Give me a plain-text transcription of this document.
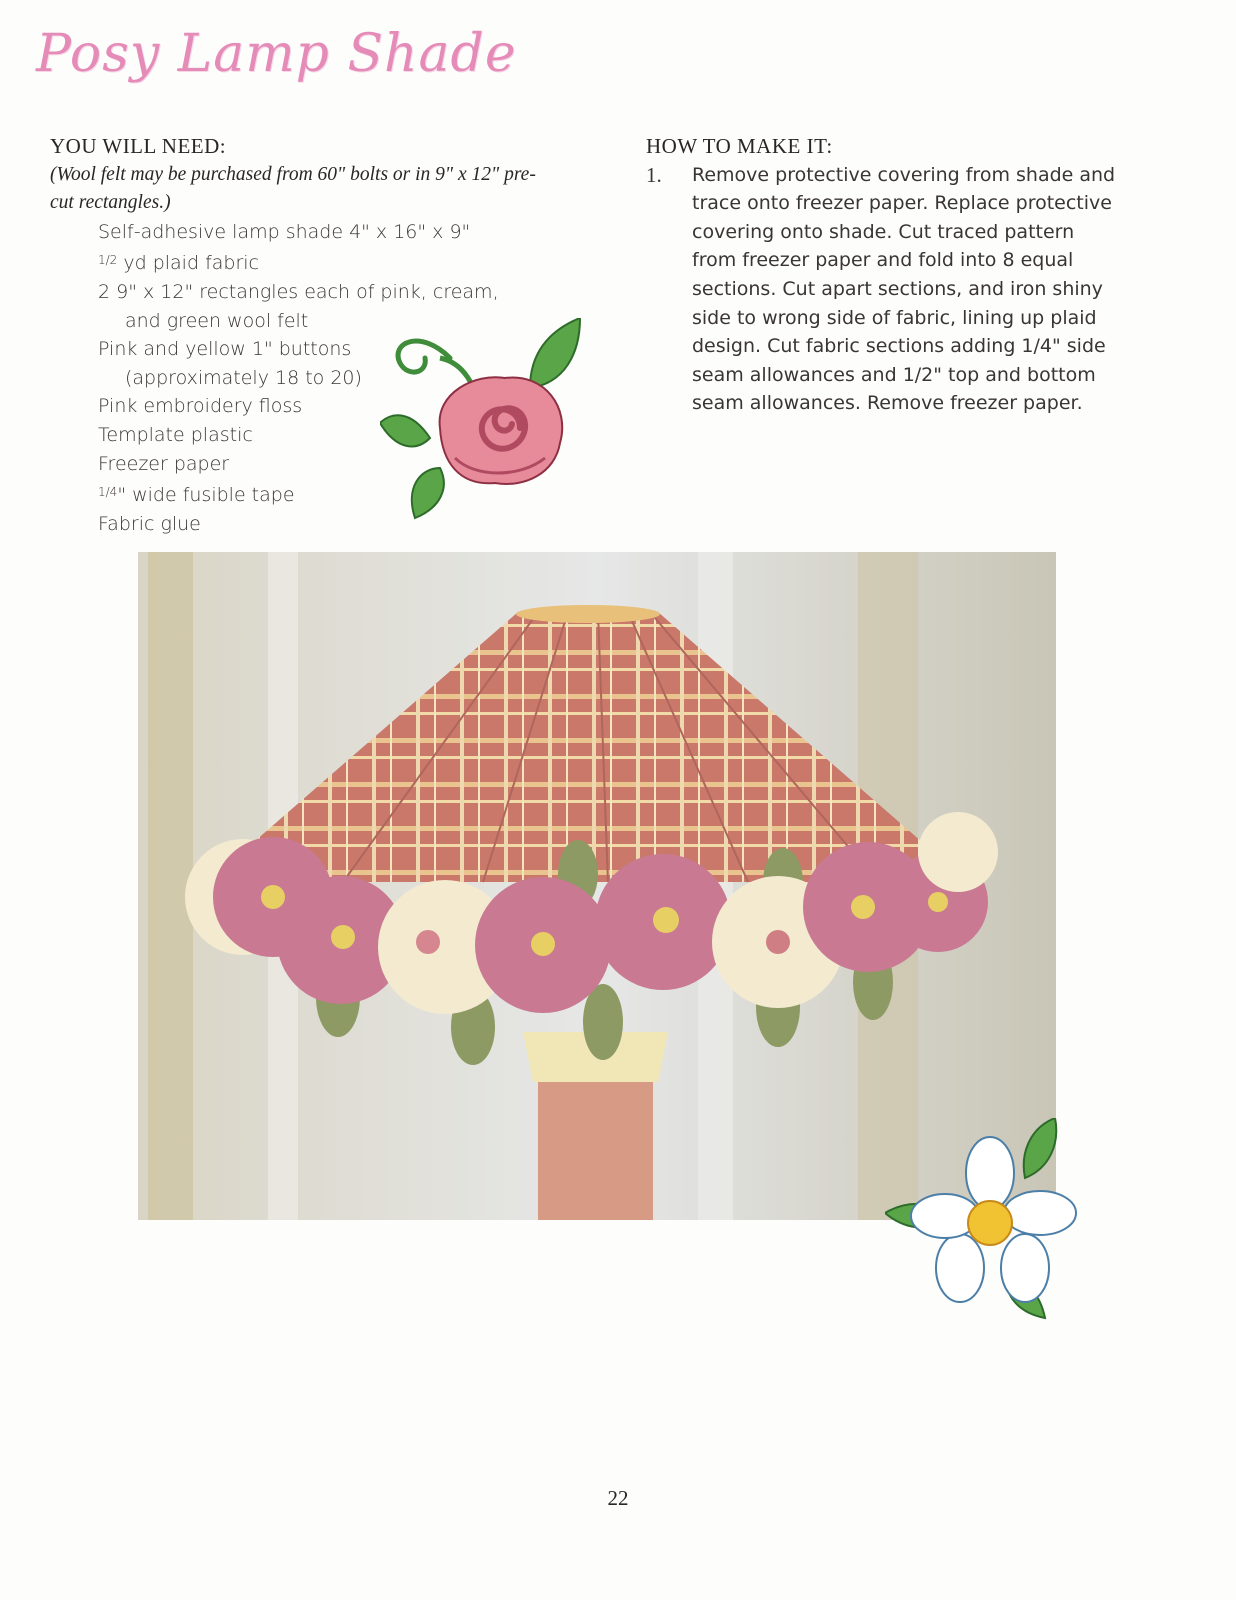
Posy Lamp Shade
YOU WILL NEED:
(Wool felt may be purchased from 60" bolts or in 9" x 12" pre-cut rectangles.)
Self-adhesive lamp shade 4" x 16" x 9"
$^{1/2}$ yd plaid fabric
2 9" x 12" rectangles each of pink, cream,
and green wool felt
Pink and yellow 1" buttons
(approximately 18 to 20)
Pink embroidery floss
Template plastic
Freezer paper
$^{1/4}$" wide fusible tape
Fabric glue
HOW TO MAKE IT:
1.	Remove protective covering from shade and trace onto freezer paper. Replace protective covering onto shade. Cut traced pattern from freezer paper and fold into 8 equal sections. Cut apart sections, and iron shiny side to wrong side of fabric, lining up plaid design. Cut fabric sections adding 1/4" side seam allowances and 1/2" top and bottom seam allowances. Remove freezer paper.
22
